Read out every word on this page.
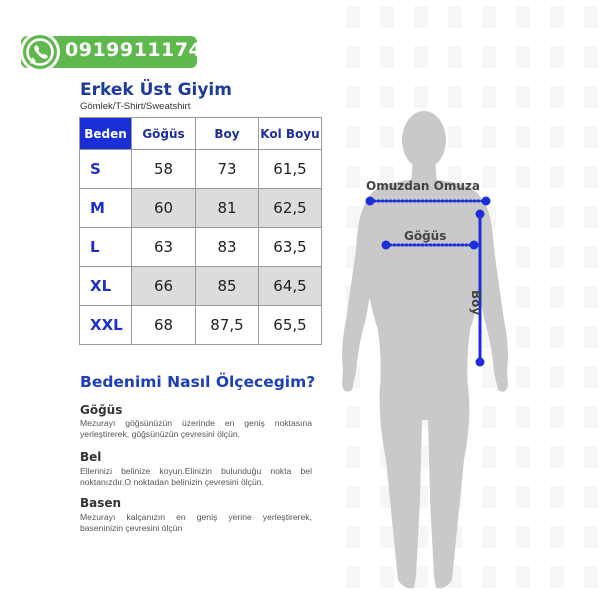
09199111749
Erkek Üst Giyim
Gömlek/T-Shirt/Sweatshirt
Beden	Göğüs	Boy	Kol Boyu
S	58	73	61,5
M	60	81	62,5
L	63	83	63,5
XL	66	85	64,5
XXL	68	87,5	65,5
Bedenimi Nasıl Ölçecegim?
Göğüs
Mezurayı göğsünüzün üzerinde en geniş noktasına yerleştirerek, göğsünüzün çevresini ölçün.
Bel
Ellerinizi belinize koyun.Elinizin bulunduğu nokta bel noktanızdır.O noktadan belinizin çevresini ölçün.
Basen
Mezurayı kalçanızın en geniş yerine yerleştirerek, baseninizin çevresini ölçün
Omuzdan Omuza
Göğüs
Boy
